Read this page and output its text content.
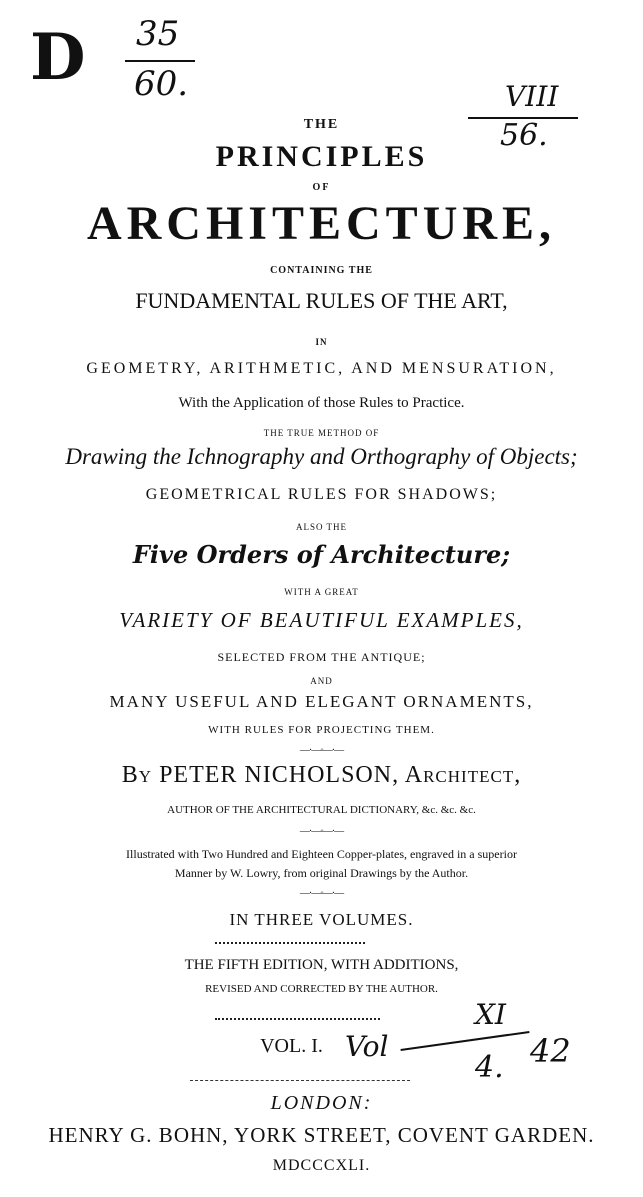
D 35
60.	VIII
56.
THE
PRINCIPLES
OF
ARCHITECTURE,
CONTAINING THE
FUNDAMENTAL RULES OF THE ART,
IN
GEOMETRY, ARITHMETIC, AND MENSURATION,
With the Application of those Rules to Practice.
THE TRUE METHOD OF
Drawing the Ichnography and Orthography of Objects;
GEOMETRICAL RULES FOR SHADOWS;
ALSO THE
Five Orders of Architecture;
WITH A GREAT
VARIETY OF BEAUTIFUL EXAMPLES,
SELECTED FROM THE ANTIQUE;
AND
MANY USEFUL AND ELEGANT ORNAMENTS,
WITH RULES FOR PROJECTING THEM.
—·—◦—·—
By PETER NICHOLSON, Architect,
AUTHOR OF THE ARCHITECTURAL DICTIONARY, &c. &c. &c.
—·—◦—·—
Illustrated with Two Hundred and Eighteen Copper-plates, engraved in a superior
Manner by W. Lowry, from original Drawings by the Author.
—·—◦—·—
IN THREE VOLUMES.
THE FIFTH EDITION, WITH ADDITIONS,
REVISED AND CORRECTED BY THE AUTHOR.
VOL. I. Vol
XI
42
4.
LONDON:
HENRY G. BOHN, YORK STREET, COVENT GARDEN.
MDCCCXLI.
